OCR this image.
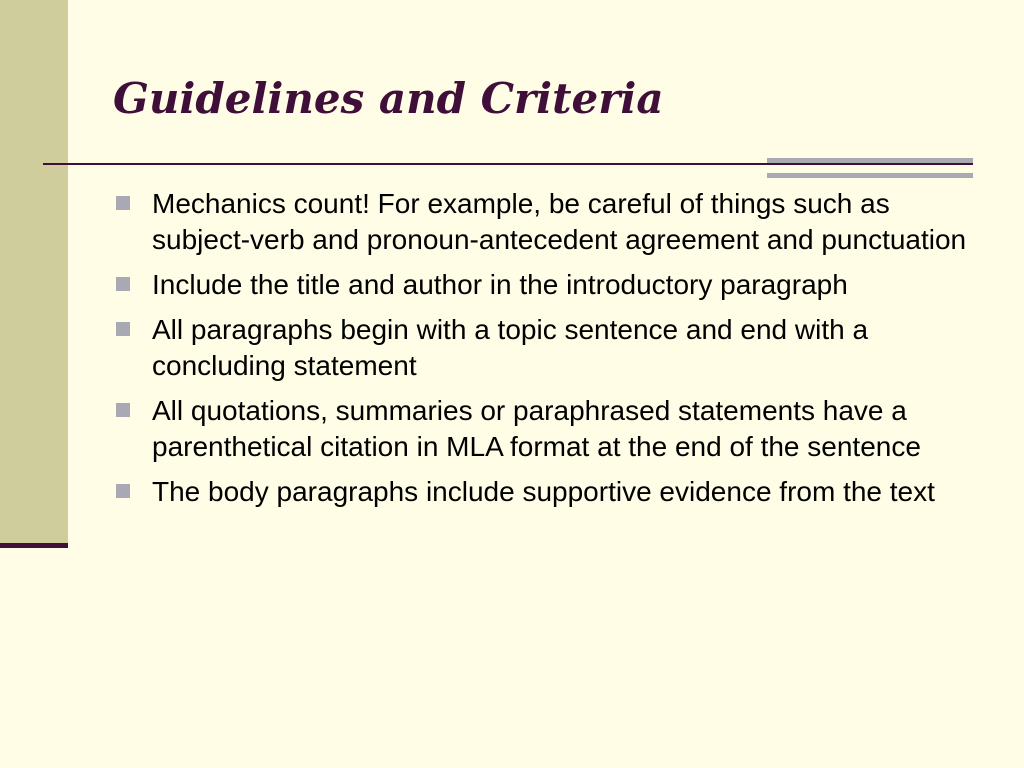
Guidelines and Criteria
Mechanics count! For example, be careful of things such as subject-verb and pronoun-antecedent agreement and punctuation
Include the title and author in the introductory paragraph
All paragraphs begin with a topic sentence and end with a concluding statement
All quotations, summaries or paraphrased statements have a parenthetical citation in MLA format at the end of the sentence
The body paragraphs include supportive evidence from the text
